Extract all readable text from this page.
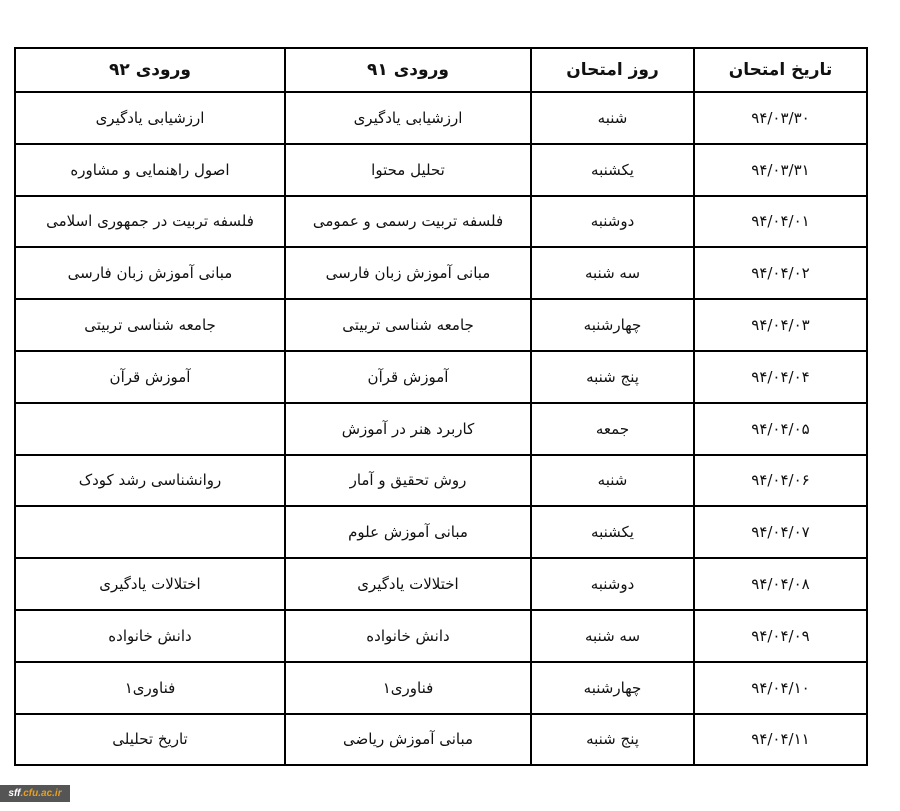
تاریخ امتحان	روز امتحان	ورودی ۹۱	ورودی ۹۲
۹۴/۰۳/۳۰	شنبه	ارزشیابی یادگیری	ارزشیابی یادگیری
۹۴/۰۳/۳۱	یکشنبه	تحلیل محتوا	اصول راهنمایی و مشاوره
۹۴/۰۴/۰۱	دوشنبه	فلسفه تربیت رسمی و عمومی	فلسفه تربیت در جمهوری اسلامی
۹۴/۰۴/۰۲	سه شنبه	مبانی آموزش زبان فارسی	مبانی آموزش زبان فارسی
۹۴/۰۴/۰۳	چهارشنبه	جامعه شناسی تربیتی	جامعه شناسی تربیتی
۹۴/۰۴/۰۴	پنج شنبه	آموزش قرآن	آموزش قرآن
۹۴/۰۴/۰۵	جمعه	کاربرد هنر در آموزش	
۹۴/۰۴/۰۶	شنبه	روش تحقیق و آمار	روانشناسی رشد کودک
۹۴/۰۴/۰۷	یکشنبه	مبانی آموزش علوم	
۹۴/۰۴/۰۸	دوشنبه	اختلالات یادگیری	اختلالات یادگیری
۹۴/۰۴/۰۹	سه شنبه	دانش خانواده	دانش خانواده
۹۴/۰۴/۱۰	چهارشنبه	فناوری۱	فناوری۱
۹۴/۰۴/۱۱	پنج شنبه	مبانی آموزش ریاضی	تاریخ تحلیلی
sff.cfu.ac.ir
